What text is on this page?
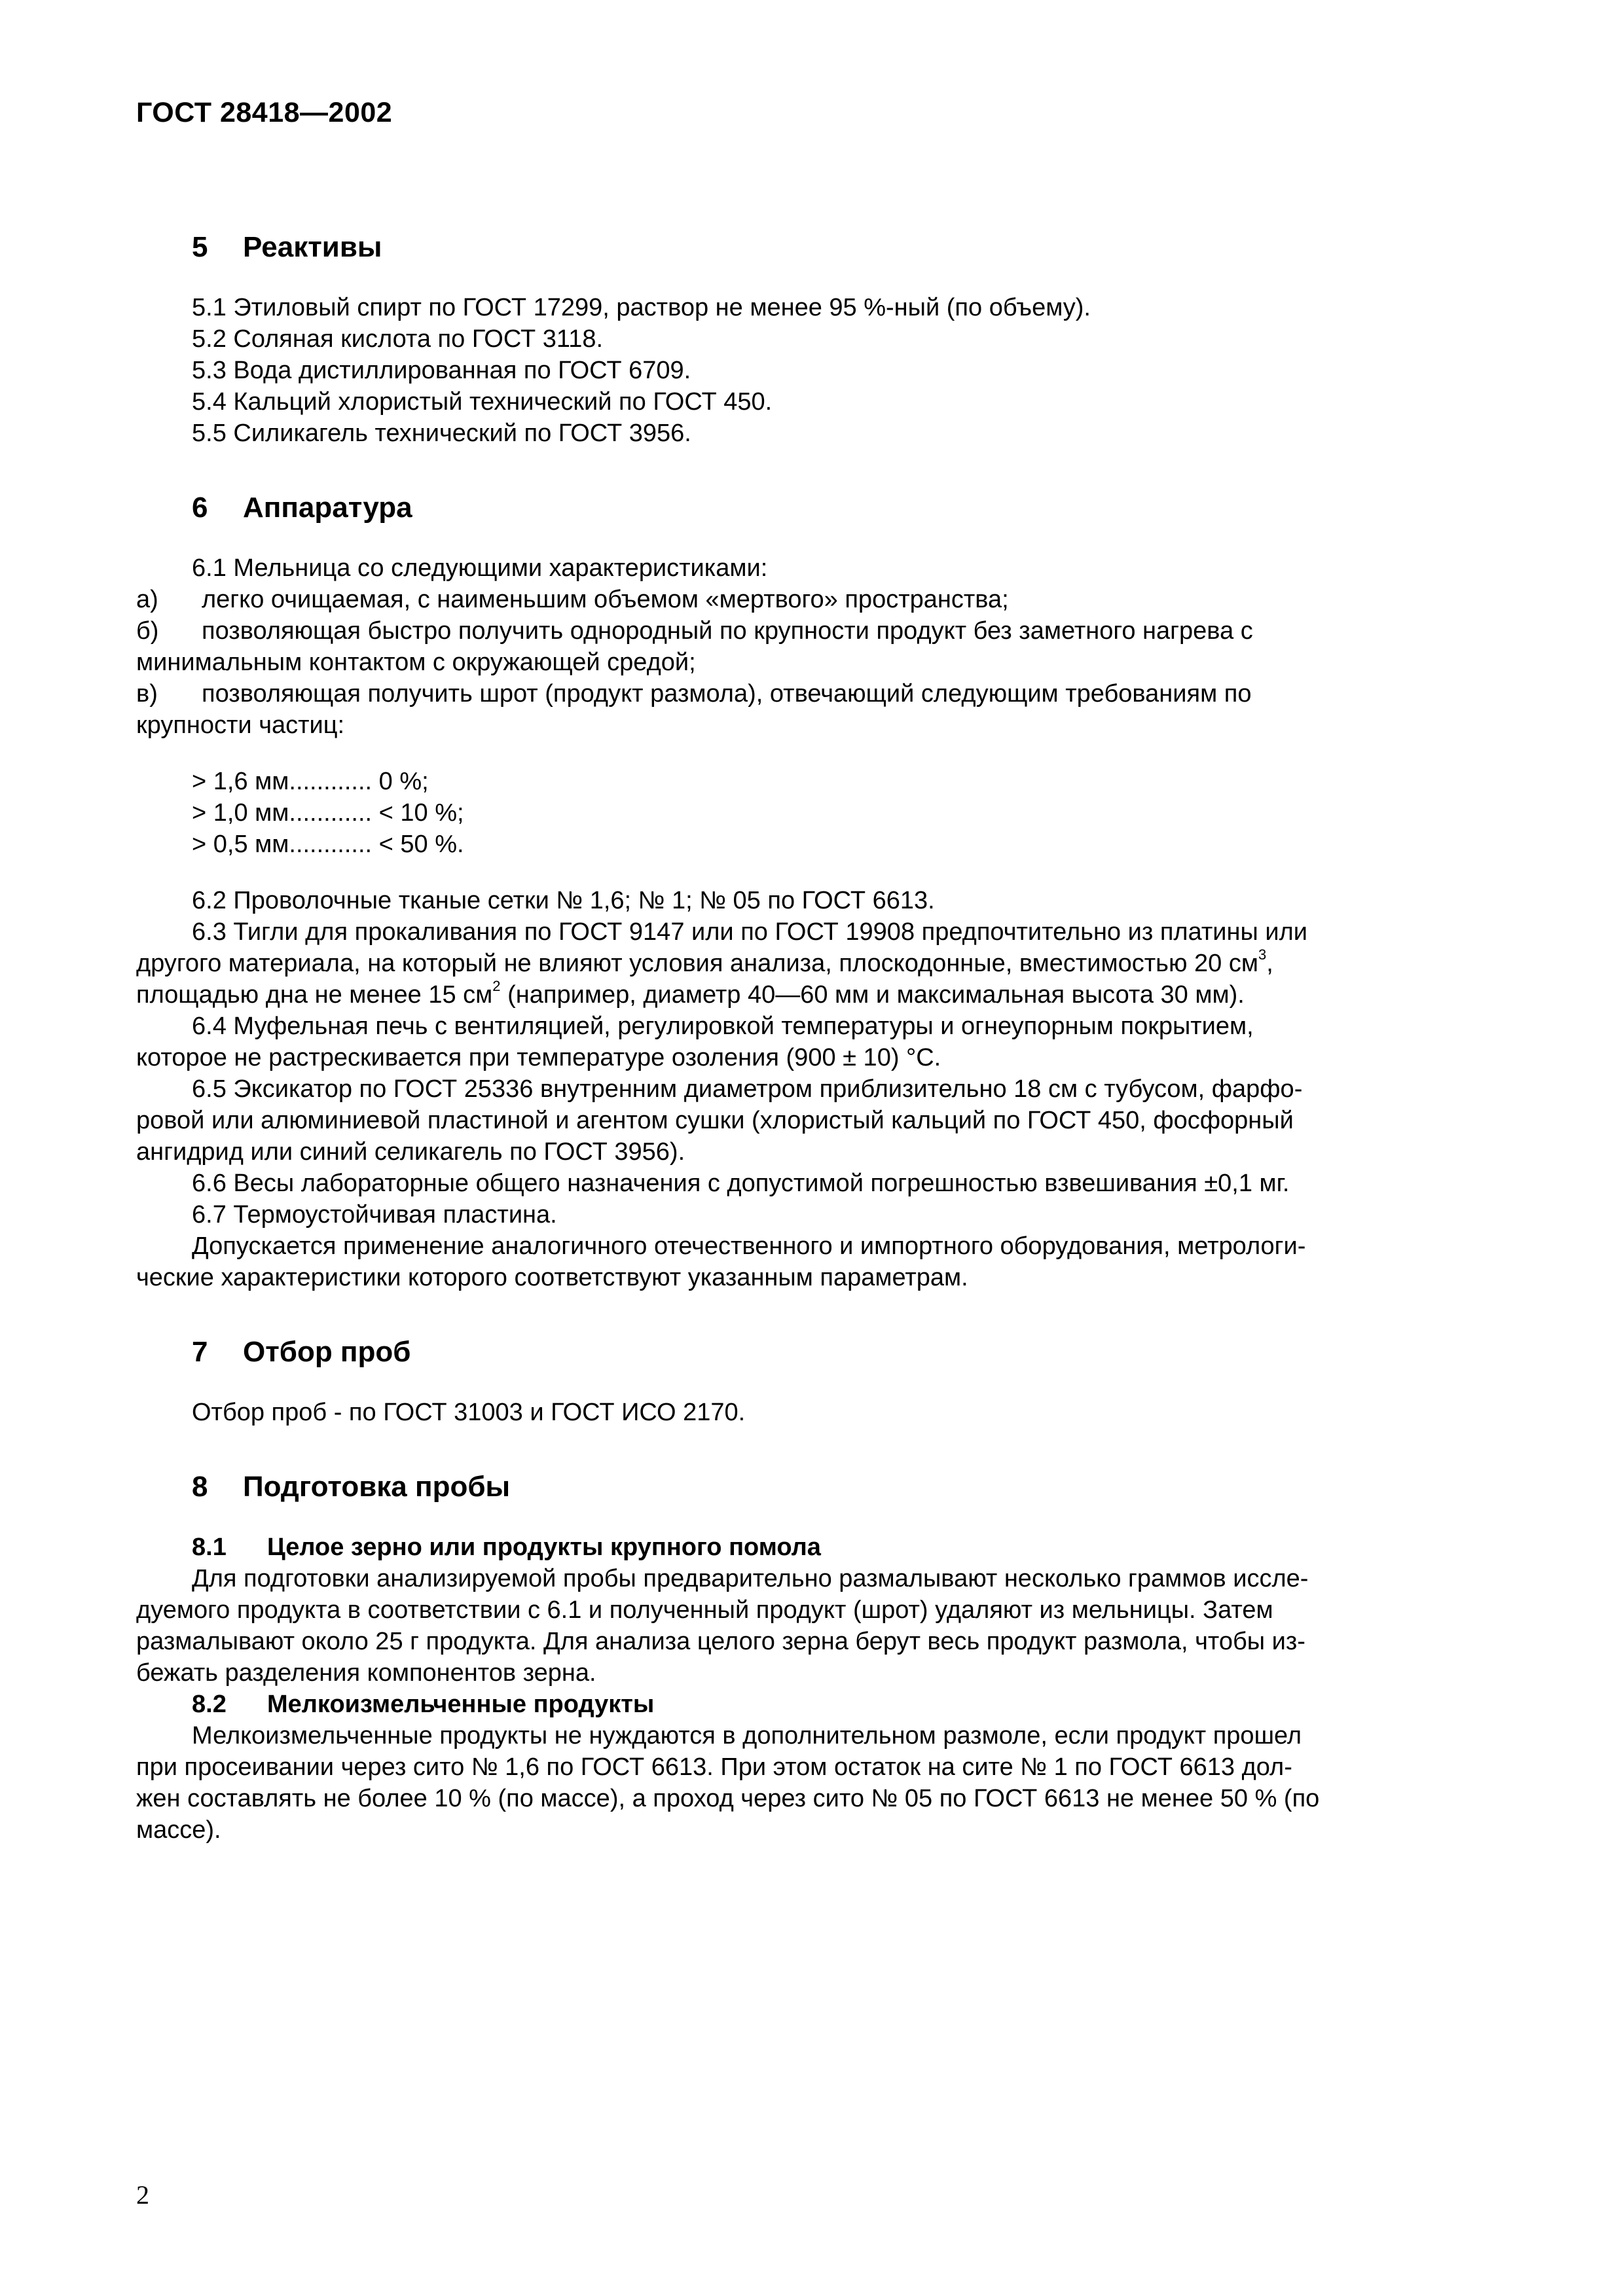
ГОСТ 28418—2002
5 Реактивы
5.1 Этиловый спирт по ГОСТ 17299, раствор не менее 95 %-ный (по объему).
5.2 Соляная кислота по ГОСТ 3118.
5.3 Вода дистиллированная по ГОСТ 6709.
5.4 Кальций хлористый технический по ГОСТ 450.
5.5 Силикагель технический по ГОСТ 3956.
6 Аппаратура
6.1 Мельница со следующими характеристиками:
а) легко очищаемая, с наименьшим объемом «мертвого» пространства;
б) позволяющая быстро получить однородный по крупности продукт без заметного нагрева с
минимальным контактом с окружающей средой;
в) позволяющая получить шрот (продукт размола), отвечающий следующим требованиям по
крупности частиц:
> 1,6 мм............ 0 %;
> 1,0 мм............ < 10 %;
> 0,5 мм............ < 50 %.
6.2 Проволочные тканые сетки № 1,6; № 1; № 05 по ГОСТ 6613.
6.3 Тигли для прокаливания по ГОСТ 9147 или по ГОСТ 19908 предпочтительно из платины или
другого материала, на который не влияют условия анализа, плоскодонные, вместимостью 20 $см^3$,
площадью дна не менее 15 $см^2$ (например, диаметр 40—60 мм и максимальная высота 30 мм).
6.4 Муфельная печь с вентиляцией, регулировкой температуры и огнеупорным покрытием,
которое не растрескивается при температуре озоления (900 ± 10) °С.
6.5 Эксикатор по ГОСТ 25336 внутренним диаметром приблизительно 18 см с тубусом, фарфо-
ровой или алюминиевой пластиной и агентом сушки (хлористый кальций по ГОСТ 450, фосфорный
ангидрид или синий селикагель по ГОСТ 3956).
6.6 Весы лабораторные общего назначения с допустимой погрешностью взвешивания ±0,1 мг.
6.7 Термоустойчивая пластина.
Допускается применение аналогичного отечественного и импортного оборудования, метрологи-
ческие характеристики которого соответствуют указанным параметрам.
7 Отбор проб
Отбор проб - по ГОСТ 31003 и ГОСТ ИСО 2170.
8 Подготовка пробы
8.1 Целое зерно или продукты крупного помола
Для подготовки анализируемой пробы предварительно размалывают несколько граммов иссле-
дуемого продукта в соответствии с 6.1 и полученный продукт (шрот) удаляют из мельницы. Затем
размалывают около 25 г продукта. Для анализа целого зерна берут весь продукт размола, чтобы из-
бежать разделения компонентов зерна.
8.2 Мелкоизмельченные продукты
Мелкоизмельченные продукты не нуждаются в дополнительном размоле, если продукт прошел
при просеивании через сито № 1,6 по ГОСТ 6613. При этом остаток на сите № 1 по ГОСТ 6613 дол-
жен составлять не более 10 % (по массе), а проход через сито № 05 по ГОСТ 6613 не менее 50 % (по
массе).
2
